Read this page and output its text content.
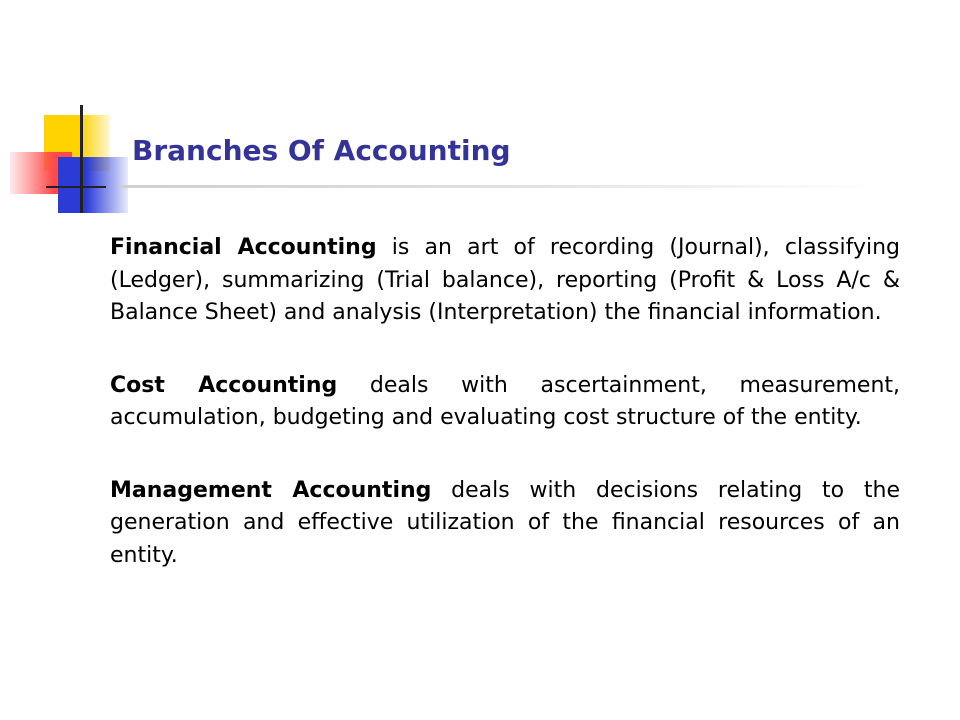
Branches Of Accounting

Financial Accounting is an art of recording (Journal), classifying (Ledger), summarizing (Trial balance), reporting (Profit & Loss A/c & Balance Sheet) and analysis (Interpretation) the financial information.

Cost Accounting deals with ascertainment, measurement, accumulation, budgeting and evaluating cost structure of the entity.

Management Accounting deals with decisions relating to the generation and effective utilization of the financial resources of an entity.
